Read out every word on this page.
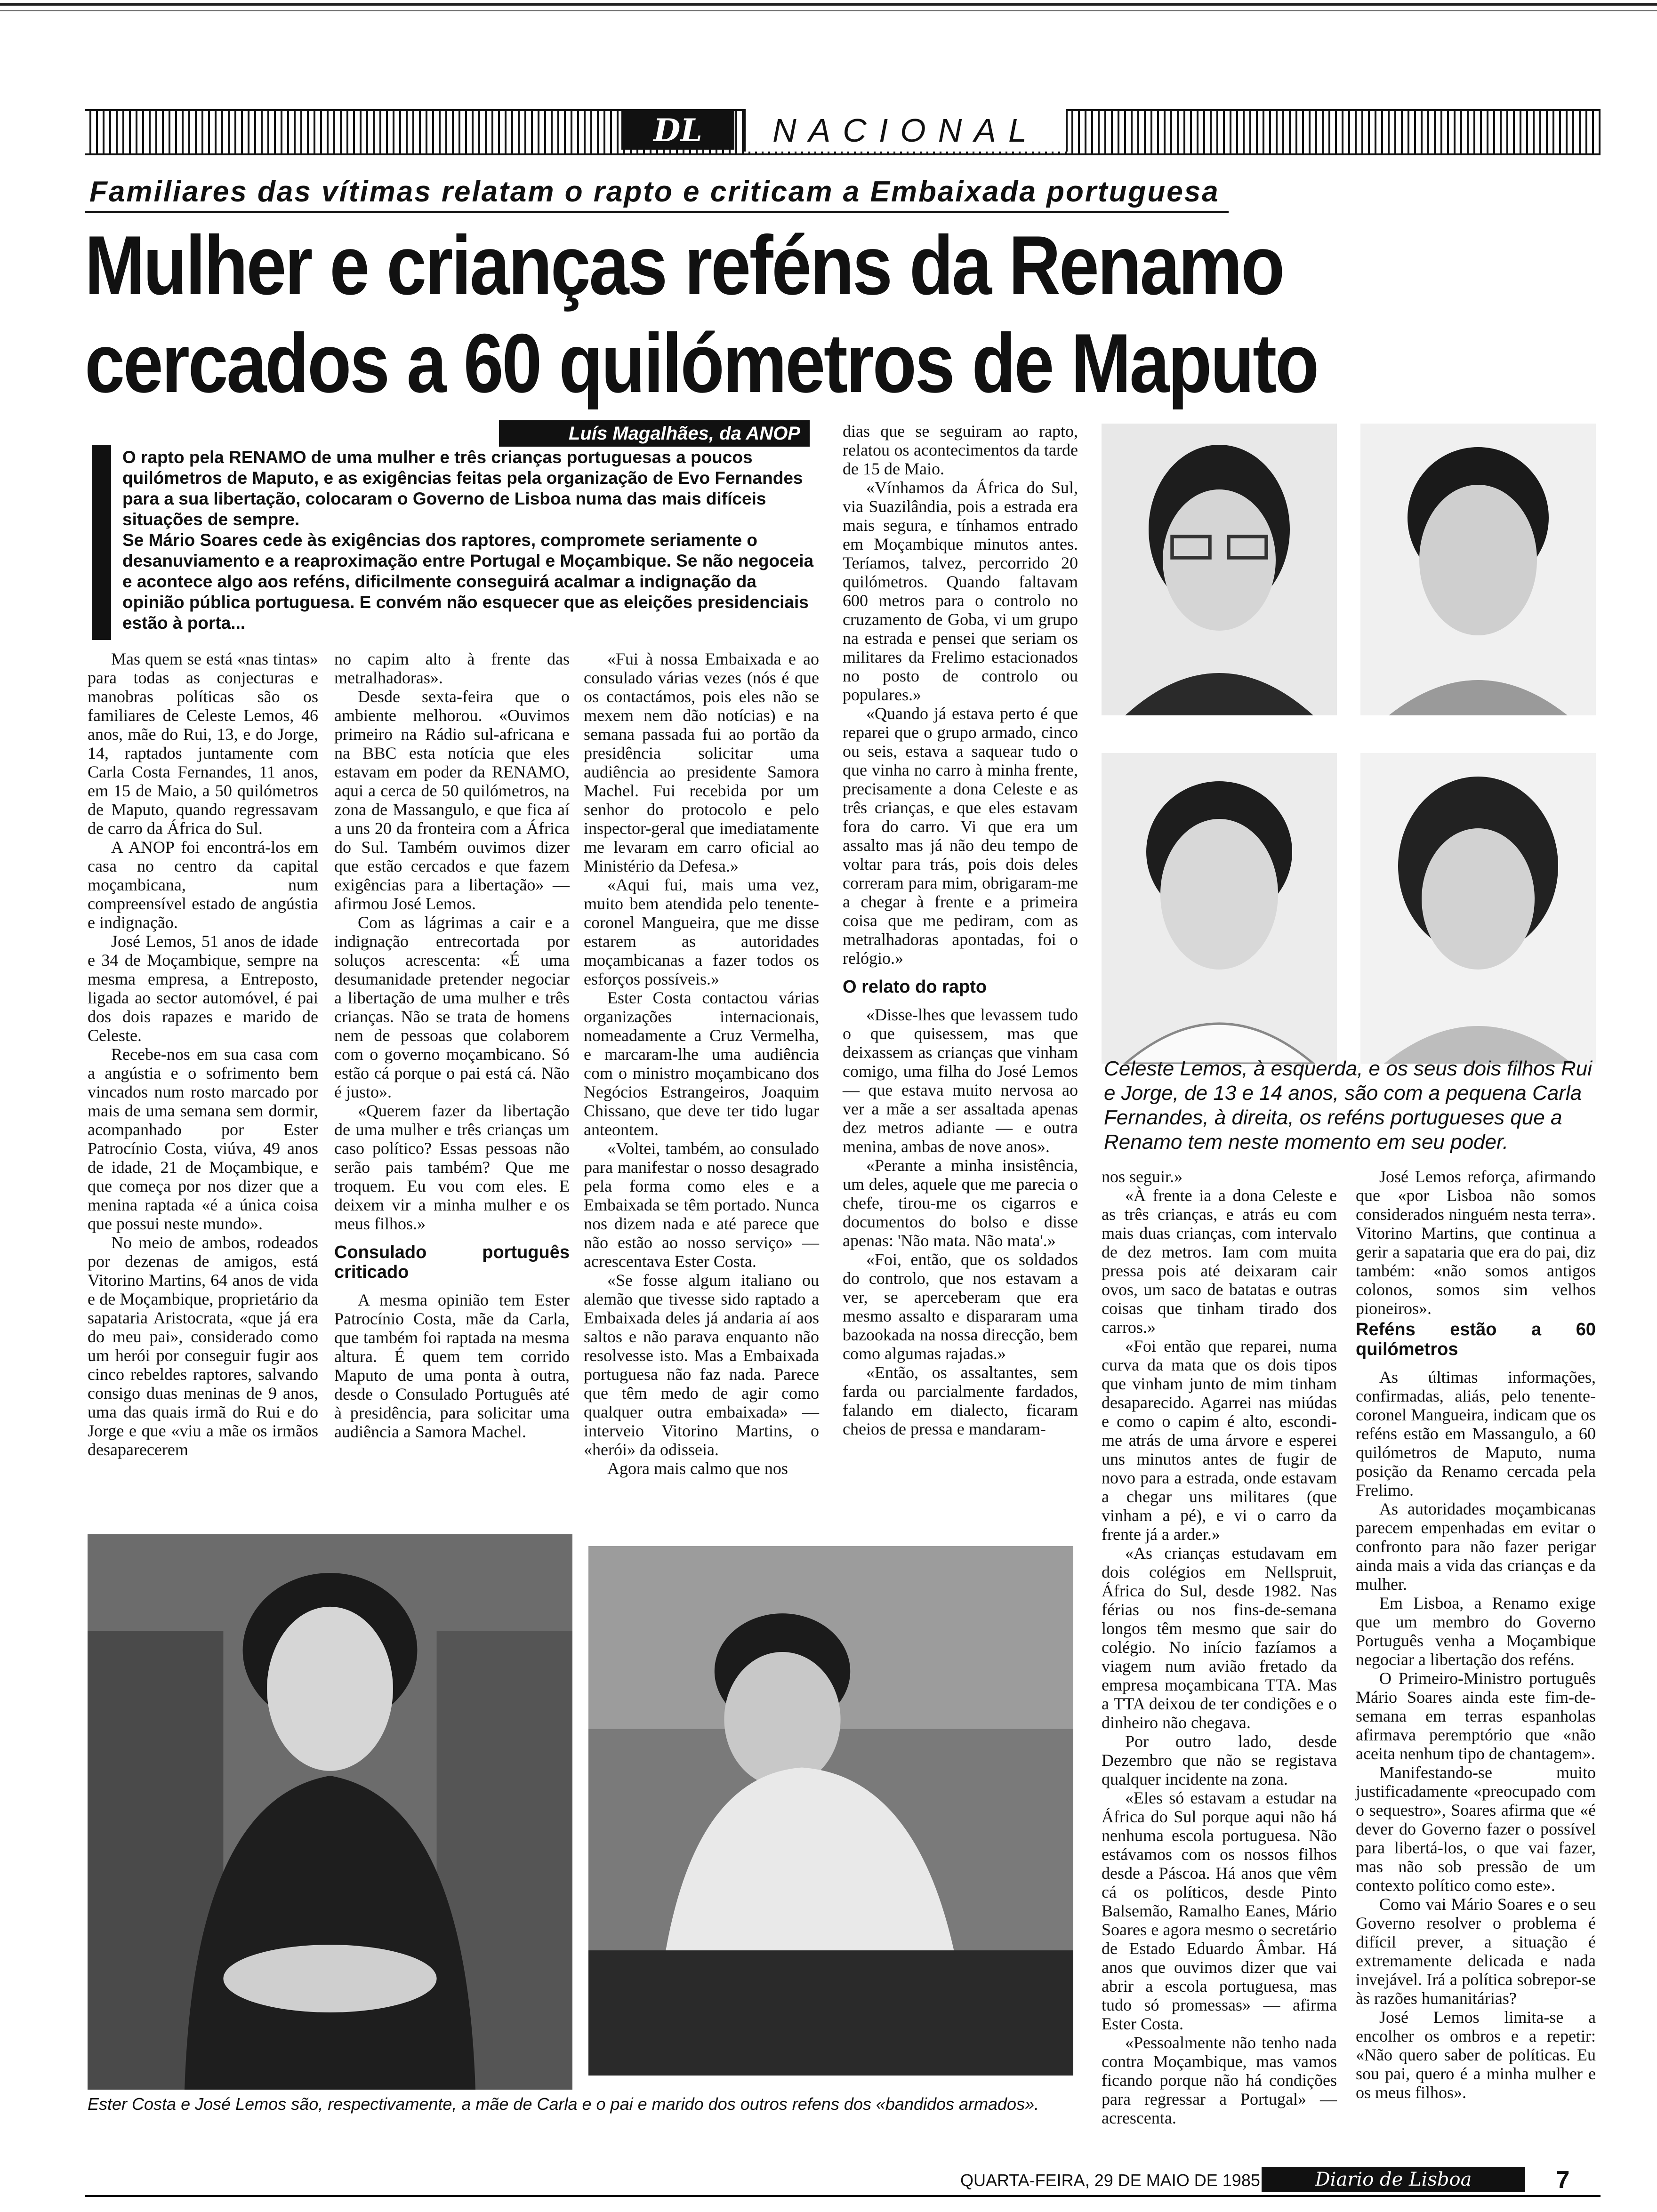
DL	NACIONAL
Familiares das vítimas relatam o rapto e criticam a Embaixada portuguesa
Mulher e crianças reféns da Renamo
cercados a 60 quilómetros de Maputo
Luís Magalhães, da ANOP

O rapto pela RENAMO de uma mulher e três crianças portuguesas a poucos quilómetros de Maputo, e as exigências feitas pela organização de Evo Fernandes para a sua libertação, colocaram o Governo de Lisboa numa das mais difíceis situações de sempre.

Se Mário Soares cede às exigências dos raptores, compromete seriamente o desanuviamento e a reaproximação entre Portugal e Moçambique. Se não negoceia e acontece algo aos reféns, dificilmente conseguirá acalmar a indignação da opinião pública portuguesa. E convém não esquecer que as eleições presidenciais estão à porta...

Mas quem se está «nas tintas» para todas as conjecturas e manobras políticas são os familiares de Celeste Lemos, 46 anos, mãe do Rui, 13, e do Jorge, 14, raptados juntamente com Carla Costa Fernandes, 11 anos, em 15 de Maio, a 50 quilómetros de Maputo, quando regressavam de carro da África do Sul.

A ANOP foi encontrá-los em casa no centro da capital moçambicana, num compreensível estado de angústia e indignação.

José Lemos, 51 anos de idade e 34 de Moçambique, sempre na mesma empresa, a Entreposto, ligada ao sector automóvel, é pai dos dois rapazes e marido de Celeste.

Recebe-nos em sua casa com a angústia e o sofrimento bem vincados num rosto marcado por mais de uma semana sem dormir, acompanhado por Ester Patrocínio Costa, viúva, 49 anos de idade, 21 de Moçambique, e que começa por nos dizer que a menina raptada «é a única coisa que possui neste mundo».

No meio de ambos, rodeados por dezenas de amigos, está Vitorino Martins, 64 anos de vida e de Moçambique, proprietário da sapataria Aristocrata, «que já era do meu pai», considerado como um herói por conseguir fugir aos cinco rebeldes raptores, salvando consigo duas meninas de 9 anos, uma das quais irmã do Rui e do Jorge e que «viu a mãe os irmãos desaparecerem

no capim alto à frente das metralhadoras».

Desde sexta-feira que o ambiente melhorou. «Ouvimos primeiro na Rádio sul-africana e na BBC esta notícia que eles estavam em poder da RENAMO, aqui a cerca de 50 quilómetros, na zona de Massangulo, e que fica aí a uns 20 da fronteira com a África do Sul. Também ouvimos dizer que estão cercados e que fazem exigências para a libertação» — afirmou José Lemos.

Com as lágrimas a cair e a indignação entrecortada por soluços acrescenta: «É uma desumanidade pretender negociar a libertação de uma mulher e três crianças. Não se trata de homens nem de pessoas que colaborem com o governo moçambicano. Só estão cá porque o pai está cá. Não é justo».

«Querem fazer da libertação de uma mulher e três crianças um caso político? Essas pessoas não serão pais também? Que me troquem. Eu vou com eles. E deixem vir a minha mulher e os meus filhos.»

Consulado português criticado

A mesma opinião tem Ester Patrocínio Costa, mãe da Carla, que também foi raptada na mesma altura. É quem tem corrido Maputo de uma ponta à outra, desde o Consulado Português até à presidência, para solicitar uma audiência a Samora Machel.

«Fui à nossa Embaixada e ao consulado várias vezes (nós é que os contactámos, pois eles não se mexem nem dão notícias) e na semana passada fui ao portão da presidência solicitar uma audiência ao presidente Samora Machel. Fui recebida por um senhor do protocolo e pelo inspector-geral que imediatamente me levaram em carro oficial ao Ministério da Defesa.»

«Aqui fui, mais uma vez, muito bem atendida pelo tenente-coronel Mangueira, que me disse estarem as autoridades moçambicanas a fazer todos os esforços possíveis.»

Ester Costa contactou várias organizações internacionais, nomeadamente a Cruz Vermelha, e marcaram-lhe uma audiência com o ministro moçambicano dos Negócios Estrangeiros, Joaquim Chissano, que deve ter tido lugar anteontem.

«Voltei, também, ao consulado para manifestar o nosso desagrado pela forma como eles e a Embaixada se têm portado. Nunca nos dizem nada e até parece que não estão ao nosso serviço» — acrescentava Ester Costa.

«Se fosse algum italiano ou alemão que tivesse sido raptado a Embaixada deles já andaria aí aos saltos e não parava enquanto não resolvesse isto. Mas a Embaixada portuguesa não faz nada. Parece que têm medo de agir como qualquer outra embaixada» — interveio Vitorino Martins, o «herói» da odisseia.

Agora mais calmo que nos

dias que se seguiram ao rapto, relatou os acontecimentos da tarde de 15 de Maio.

«Vínhamos da África do Sul, via Suazilândia, pois a estrada era mais segura, e tínhamos entrado em Moçambique minutos antes. Teríamos, talvez, percorrido 20 quilómetros. Quando faltavam 600 metros para o controlo no cruzamento de Goba, vi um grupo na estrada e pensei que seriam os militares da Frelimo estacionados no posto de controlo ou populares.»

«Quando já estava perto é que reparei que o grupo armado, cinco ou seis, estava a saquear tudo o que vinha no carro à minha frente, precisamente a dona Celeste e as três crianças, e que eles estavam fora do carro. Vi que era um assalto mas já não deu tempo de voltar para trás, pois dois deles correram para mim, obrigaram-me a chegar à frente e a primeira coisa que me pediram, com as metralhadoras apontadas, foi o relógio.»

O relato do rapto

«Disse-lhes que levassem tudo o que quisessem, mas que deixassem as crianças que vinham comigo, uma filha do José Lemos — que estava muito nervosa ao ver a mãe a ser assaltada apenas dez metros adiante — e outra menina, ambas de nove anos».

«Perante a minha insistência, um deles, aquele que me parecia o chefe, tirou-me os cigarros e documentos do bolso e disse apenas: 'Não mata. Não mata'.»

«Foi, então, que os soldados do controlo, que nos estavam a ver, se aperceberam que era mesmo assalto e dispararam uma bazookada na nossa direcção, bem como algumas rajadas.»

«Então, os assaltantes, sem farda ou parcialmente fardados, falando em dialecto, ficaram cheios de pressa e mandaram-

Celeste Lemos, à esquerda, e os seus dois filhos Rui e Jorge, de 13 e 14 anos, são com a pequena Carla Fernandes, à direita, os reféns portugueses que a Renamo tem neste momento em seu poder.

nos seguir.»

«À frente ia a dona Celeste e as três crianças, e atrás eu com mais duas crianças, com intervalo de dez metros. Iam com muita pressa pois até deixaram cair ovos, um saco de batatas e outras coisas que tinham tirado dos carros.»

«Foi então que reparei, numa curva da mata que os dois tipos que vinham junto de mim tinham desaparecido. Agarrei nas miúdas e como o capim é alto, escondi-me atrás de uma árvore e esperei uns minutos antes de fugir de novo para a estrada, onde estavam a chegar uns militares (que vinham a pé), e vi o carro da frente já a arder.»

«As crianças estudavam em dois colégios em Nellspruit, África do Sul, desde 1982. Nas férias ou nos fins-de-semana longos têm mesmo que sair do colégio. No início fazíamos a viagem num avião fretado da empresa moçambicana TTA. Mas a TTA deixou de ter condições e o dinheiro não chegava.

Por outro lado, desde Dezembro que não se registava qualquer incidente na zona.

«Eles só estavam a estudar na África do Sul porque aqui não há nenhuma escola portuguesa. Não estávamos com os nossos filhos desde a Páscoa. Há anos que vêm cá os políticos, desde Pinto Balsemão, Ramalho Eanes, Mário Soares e agora mesmo o secretário de Estado Eduardo Âmbar. Há anos que ouvimos dizer que vai abrir a escola portuguesa, mas tudo só promessas» — afirma Ester Costa.

«Pessoalmente não tenho nada contra Moçambique, mas vamos ficando porque não há condições para regressar a Portugal» — acrescenta.

José Lemos reforça, afirmando que «por Lisboa não somos considerados ninguém nesta terra». Vitorino Martins, que continua a gerir a sapataria que era do pai, diz também: «não somos antigos colonos, somos sim velhos pioneiros».

Reféns estão a 60 quilómetros

As últimas informações, confirmadas, aliás, pelo tenente-coronel Mangueira, indicam que os reféns estão em Massangulo, a 60 quilómetros de Maputo, numa posição da Renamo cercada pela Frelimo.

As autoridades moçambicanas parecem empenhadas em evitar o confronto para não fazer perigar ainda mais a vida das crianças e da mulher.

Em Lisboa, a Renamo exige que um membro do Governo Português venha a Moçambique negociar a libertação dos reféns.

O Primeiro-Ministro português Mário Soares ainda este fim-de-semana em terras espanholas afirmava peremptório que «não aceita nenhum tipo de chantagem».

Manifestando-se muito justificadamente «preocupado com o sequestro», Soares afirma que «é dever do Governo fazer o possível para libertá-los, o que vai fazer, mas não sob pressão de um contexto político como este».

Como vai Mário Soares e o seu Governo resolver o problema é difícil prever, a situação é extremamente delicada e nada invejável. Irá a política sobrepor-se às razões humanitárias?

José Lemos limita-se a encolher os ombros e a repetir: «Não quero saber de políticas. Eu sou pai, quero é a minha mulher e os meus filhos».

Ester Costa e José Lemos são, respectivamente, a mãe de Carla e o pai e marido dos outros refens dos «bandidos armados».
QUARTA-FEIRA, 29 DE MAIO DE 1985	Diario de Lisboa	7
